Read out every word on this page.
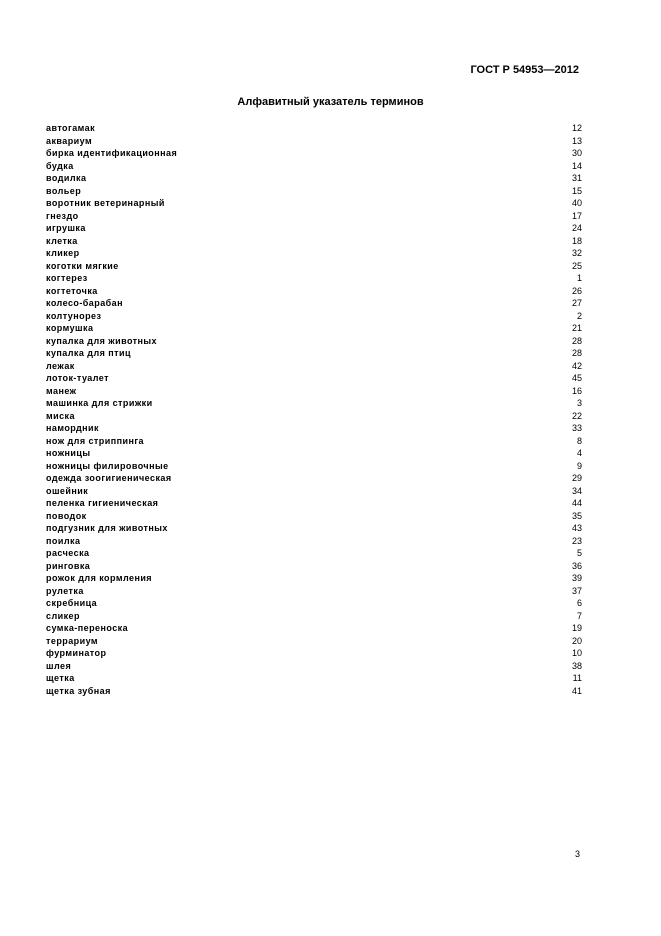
ГОСТ Р 54953—2012
Алфавитный указатель терминов
автогамак	12
аквариум	13
бирка идентификационная	30
будка	14
водилка	31
вольер	15
воротник ветеринарный	40
гнездо	17
игрушка	24
клетка	18
кликер	32
коготки мягкие	25
когтерез	1
когтеточка	26
колесо-барабан	27
колтунорез	2
кормушка	21
купалка для животных	28
купалка для птиц	28
лежак	42
лоток-туалет	45
манеж	16
машинка для стрижки	3
миска	22
намордник	33
нож для стриппинга	8
ножницы	4
ножницы филировочные	9
одежда зоогигиеническая	29
ошейник	34
пеленка гигиеническая	44
поводок	35
подгузник для животных	43
поилка	23
расческа	5
ринговка	36
рожок для кормления	39
рулетка	37
скребница	6
сликер	7
сумка-переноска	19
террариум	20
фурминатор	10
шлея	38
щетка	11
щетка зубная	41
3
